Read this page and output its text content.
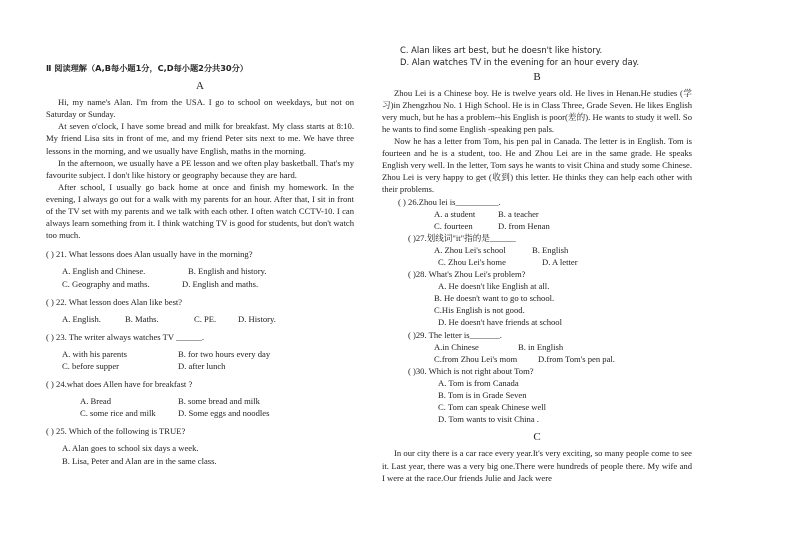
Ⅱ 阅读理解（A,B每小题1分，C,D每小题2分共30分）
A

Hi, my name's Alan. I'm from the USA. I go to school on weekdays, but not on Saturday or Sunday.

At seven o'clock, I have some bread and milk for breakfast. My class starts at 8:10. My friend Lisa sits in front of me, and my friend Peter sits next to me. We have three lessons in the morning, and we usually have English, maths in the morning.

In the afternoon, we usually have a PE lesson and we often play basketball. That's my favourite subject. I don't like history or geography because they are hard.

After school, I usually go back home at once and finish my homework. In the evening, I always go out for a walk with my parents for an hour. After that, I sit in front of the TV set with my parents and we talk with each other. I often watch CCTV-10. I can always learn something from it. I think watching TV is good for students, but don't watch too much.

( ) 21. What lessons does Alan usually have in the morning?
A. English and Chinese.	B. English and history.
C. Geography and maths.	D. English and maths.
( ) 22. What lesson does Alan like best?
A. English.	B. Maths.	C. PE.	D. History.
( ) 23. The writer always watches TV ______.
A. with his parents	B. for two hours every day
C. before supper	D. after lunch
( ) 24.what does Allen have for breakfast ?
A. Bread	B. some bread and milk
C. some rice and milk	D. Some eggs and noodles
( ) 25. Which of the following is TRUE?
A. Alan goes to school six days a week.
B. Lisa, Peter and Alan are in the same class.
C. Alan likes art best, but he doesn't like history.
D. Alan watches TV in the evening for an hour every day.
B

Zhou Lei is a Chinese boy. He is twelve years old. He lives in Henan.He studies (学习)in Zhengzhou No. 1 High School. He is in Class Three, Grade Seven. He likes English very much, but he has a problem--his English is poor(差的). He wants to study it well. So he wants to find some English -speaking pen pals.

Now he has a letter from Tom, his pen pal in Canada. The letter is in English. Tom is fourteen and he is a student, too. He and Zhou Lei are in the same grade. He speaks English very well. In the letter, Tom says he wants to visit China and study some Chinese. Zhou Lei is very happy to get (收到) this letter. He thinks they can help each other with their problems.

( ) 26.Zhou lei is__________.
A. a student	B. a teacher
C. fourteen	D. from Henan
( )27.划线词"it"指的是______
A. Zhou Lei's school	B. English
C. Zhou Lei's home	D. A letter
( )28. What's Zhou Lei's problem?
A. He doesn't like English at all.
B. He doesn't want to go to school.
C.His English is not good.
D. He doesn't have friends at school
( )29. The letter is_______.
A.in Chinese	B. in English
C.from Zhou Lei's mom	D.from Tom's pen pal.
( )30. Which is not right about Tom?
A. Tom is from Canada
B. Tom is in Grade Seven
C. Tom can speak Chinese well
D. Tom wants to visit China .
C

In our city there is a car race every year.It's very exciting, so many people come to see it. Last year, there was a very big one.There were hundreds of people there. My wife and I were at the race.Our friends Julie and Jack were
